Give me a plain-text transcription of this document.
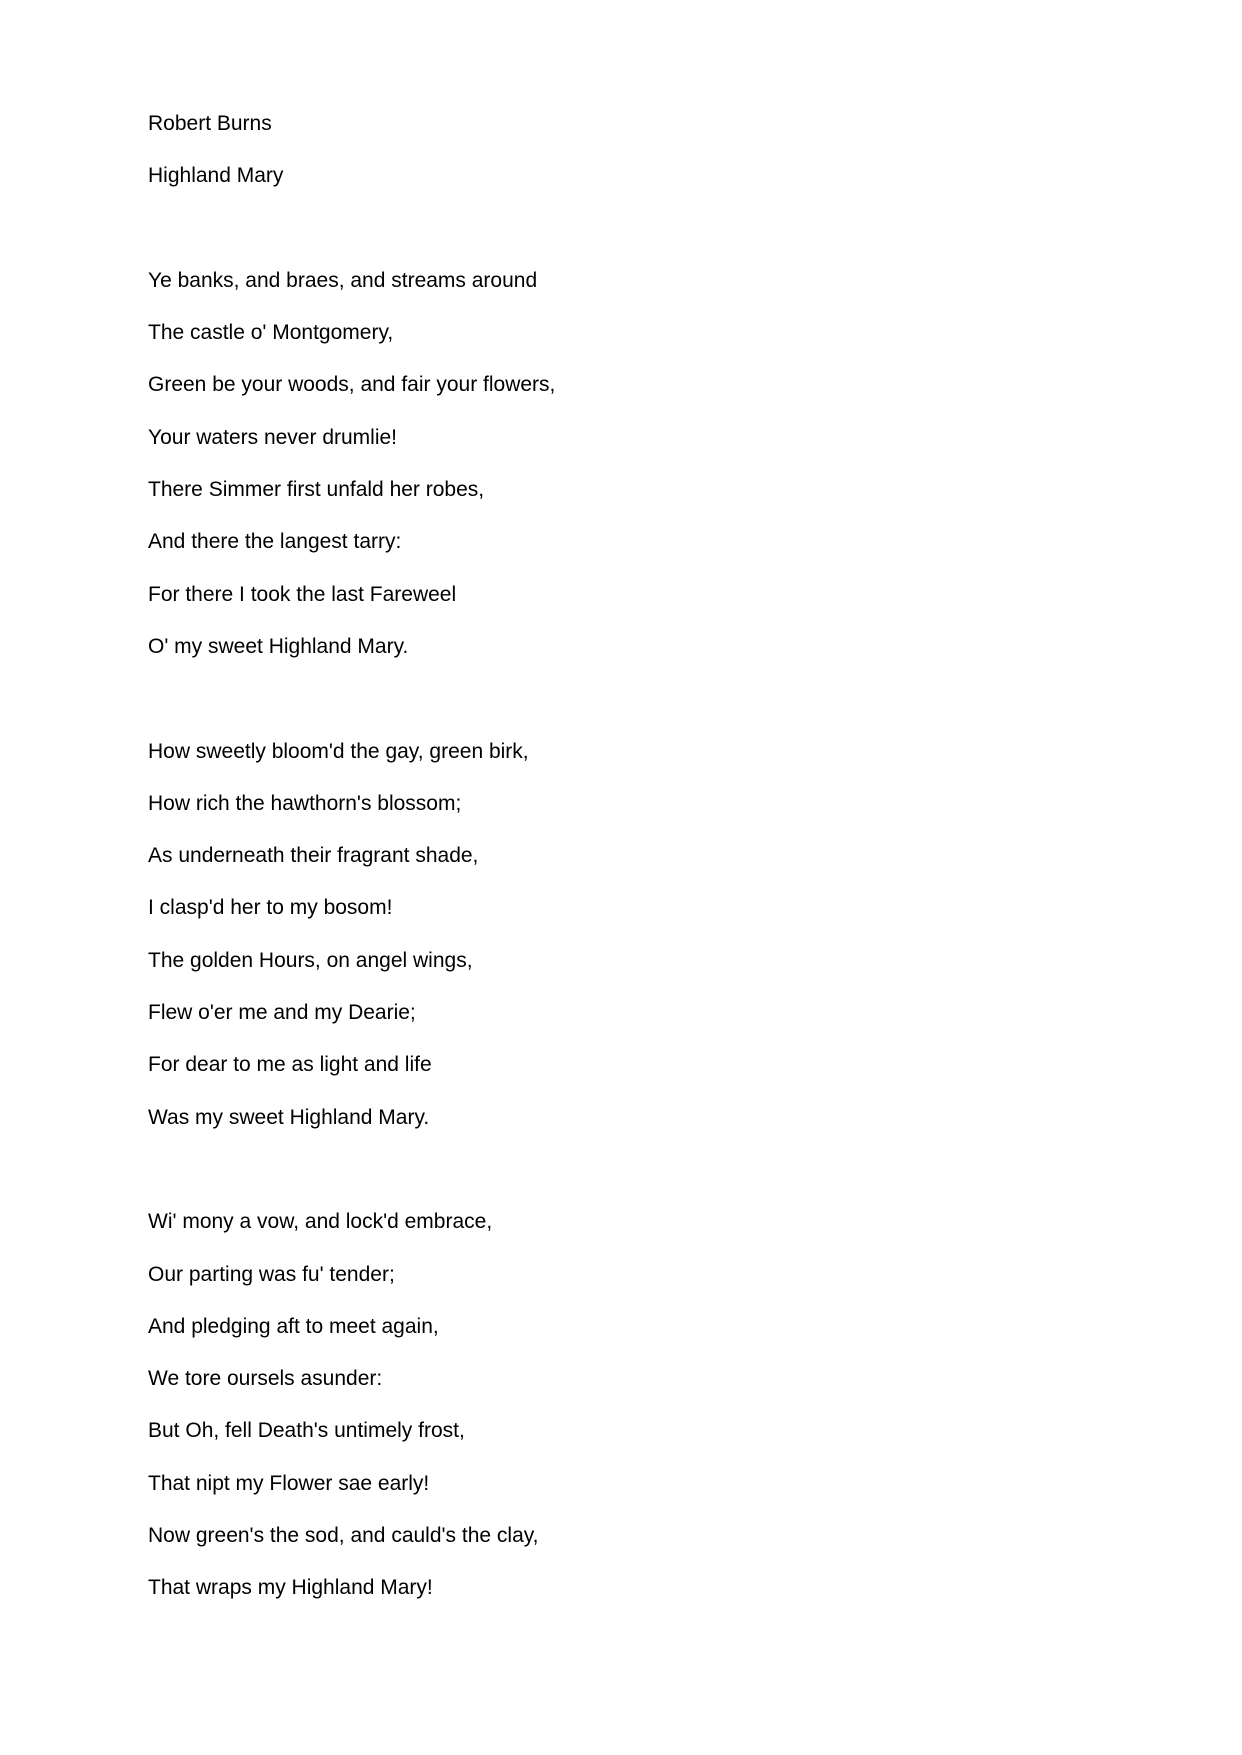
Robert Burns
Highland Mary
Ye banks, and braes, and streams around
The castle o' Montgomery,
Green be your woods, and fair your flowers,
Your waters never drumlie!
There Simmer first unfald her robes,
And there the langest tarry:
For there I took the last Fareweel
O' my sweet Highland Mary.
How sweetly bloom'd the gay, green birk,
How rich the hawthorn's blossom;
As underneath their fragrant shade,
I clasp'd her to my bosom!
The golden Hours, on angel wings,
Flew o'er me and my Dearie;
For dear to me as light and life
Was my sweet Highland Mary.
Wi' mony a vow, and lock'd embrace,
Our parting was fu' tender;
And pledging aft to meet again,
We tore oursels asunder:
But Oh, fell Death's untimely frost,
That nipt my Flower sae early!
Now green's the sod, and cauld's the clay,
That wraps my Highland Mary!
